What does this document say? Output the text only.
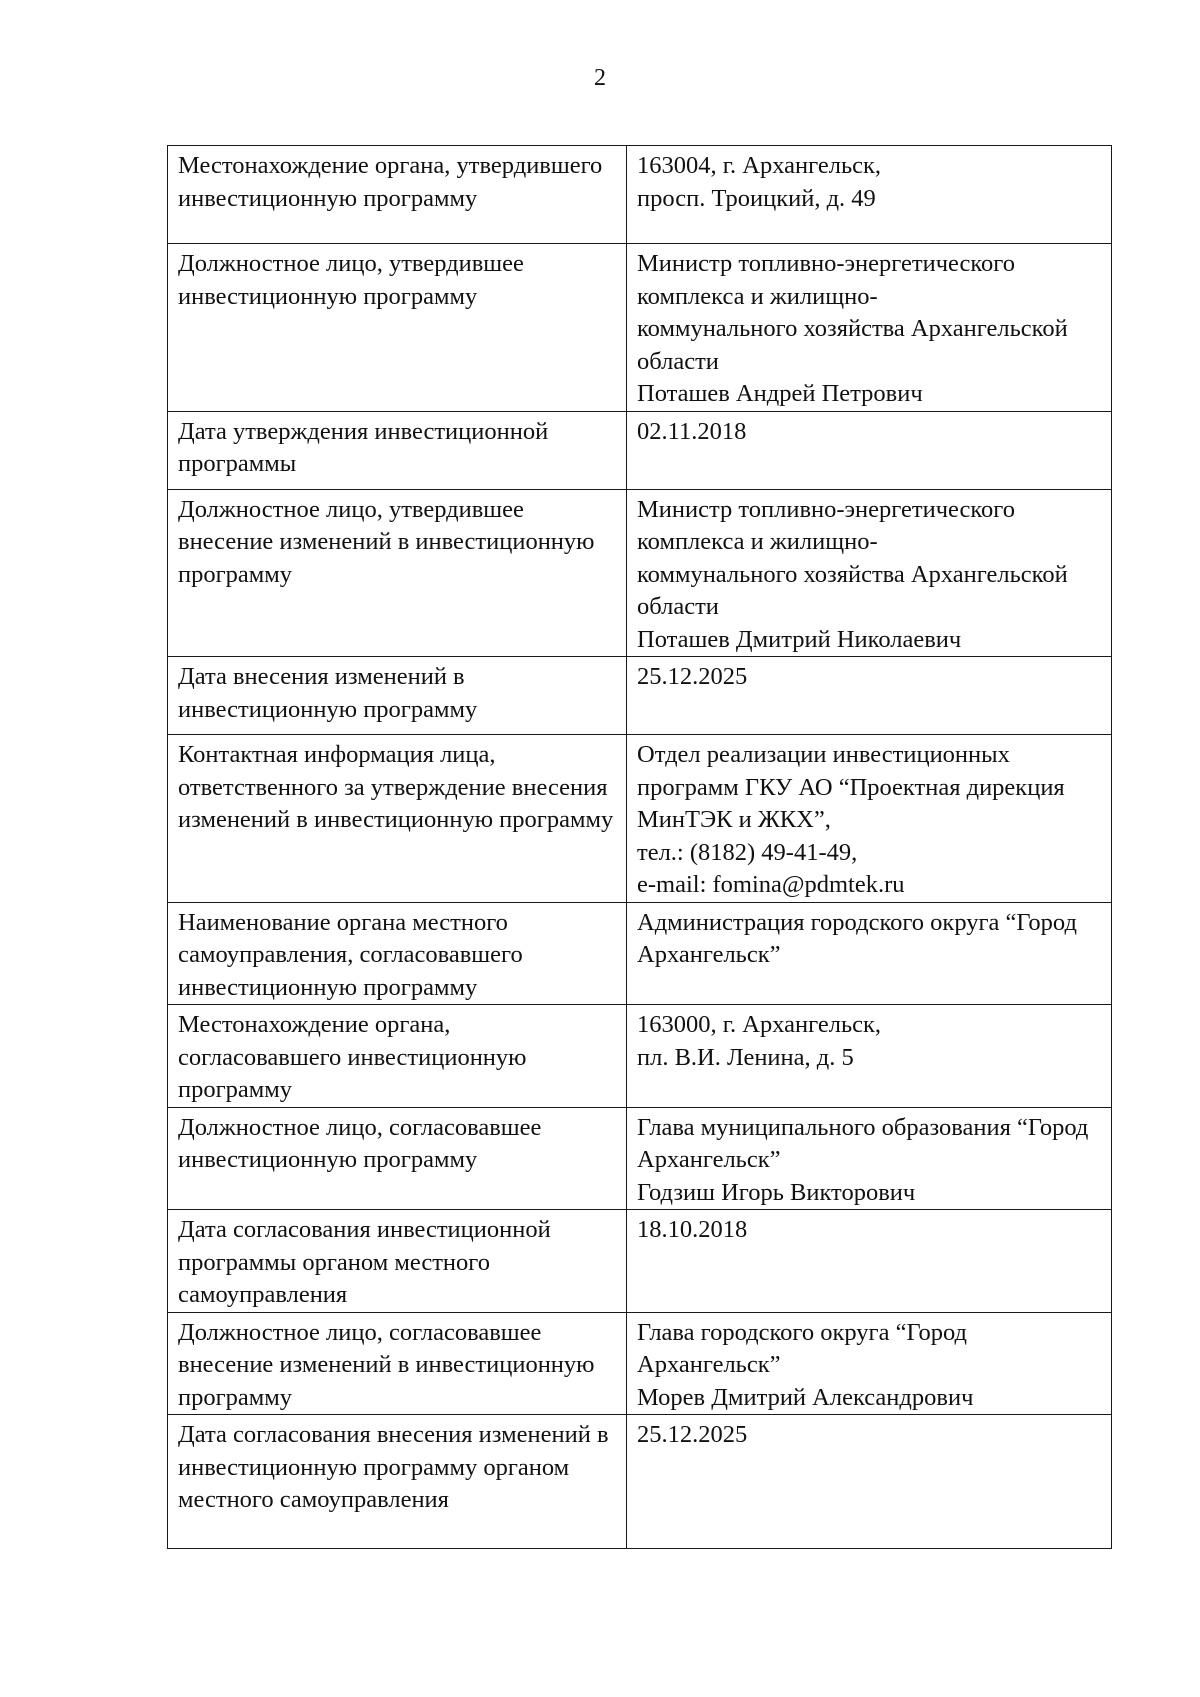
2
Местонахождение органа, утвердившего инвестиционную программу	163004, г. Архангельск,
просп. Троицкий, д. 49

Должностное лицо, утвердившее инвестиционную программу	Министр топливно-энергетического комплекса и жилищно-
коммунального хозяйства Архангельской области
Поташев Андрей Петрович

Дата утверждения инвестиционной программы	02.11.2018

Должностное лицо, утвердившее внесение изменений в инвестиционную программу	Министр топливно-энергетического комплекса и жилищно-
коммунального хозяйства Архангельской области
Поташев Дмитрий Николаевич

Дата внесения изменений в инвестиционную программу	25.12.2025

Контактная информация лица, ответственного за утверждение внесения изменений в инвестиционную программу	Отдел реализации инвестиционных программ ГКУ АО “Проектная дирекция МинТЭК и ЖКХ”,
тел.: (8182) 49-41-49,
e-mail: fomina@pdmtek.ru

Наименование органа местного самоуправления, согласовавшего инвестиционную программу	Администрация городского округа “Город Архангельск”

Местонахождение органа, согласовавшего инвестиционную программу	163000, г. Архангельск,
пл. В.И. Ленина, д. 5

Должностное лицо, согласовавшее инвестиционную программу	Глава муниципального образования “Город Архангельск”
Годзиш Игорь Викторович

Дата согласования инвестиционной программы органом местного самоуправления	18.10.2018

Должностное лицо, согласовавшее внесение изменений в инвестиционную программу	Глава городского округа “Город Архангельск”
Морев Дмитрий Александрович

Дата согласования внесения изменений в инвестиционную программу органом местного самоуправления	25.12.2025
